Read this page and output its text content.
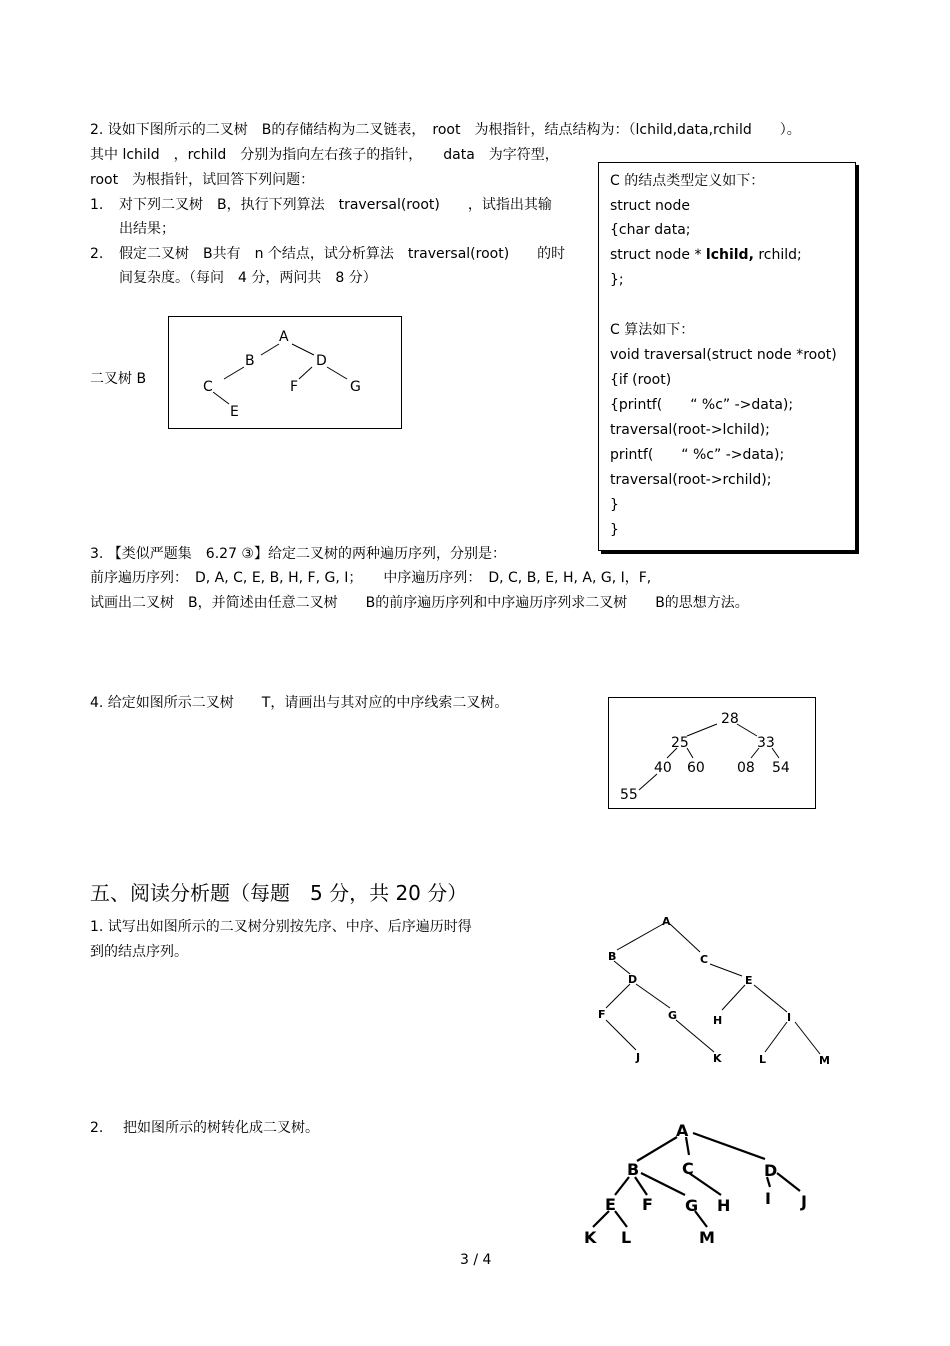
2. 设如下图所示的二叉树　B的存储结构为二叉链表，　root　为根指针，结点结构为：（lchild,data,rchild　　）。
其中 lchild　，rchild　分别为指向左右孩子的指针，　　data　为字符型，
root　为根指针，试回答下列问题：
1. 对下列二叉树　B，执行下列算法　traversal(root)　　，试指出其输
出结果；
2. 假定二叉树　B共有　n 个结点，试分析算法　traversal(root)　　的时
间复杂度。（每问　4 分，两问共　8 分）
二叉树 B
A
B	D
C	F	G
E
C 的结点类型定义如下：
struct node
{char data;
struct node * lchild, rchild;
};
C 算法如下：
void traversal(struct node *root)
{if (root)
{printf(　　“ %c” ->data);
traversal(root->lchild);
printf(　　“ %c” ->data);
traversal(root->rchild);
}
}
3. 【类似严题集　6.27 ③】给定二叉树的两种遍历序列，分别是：
前序遍历序列：　D, A, C, E, B, H, F, G, I；　　中序遍历序列：　D, C, B, E, H, A, G, I，F,
试画出二叉树　B，并简述由任意二叉树　　B的前序遍历序列和中序遍历序列求二叉树　　B的思想方法。
4. 给定如图所示二叉树　　T，请画出与其对应的中序线索二叉树。
28
25	33
40 60 08 54
55
五、阅读分析题（每题　5 分，共 20 分）
1. 试写出如图所示的二叉树分别按先序、中序、后序遍历时得
到的结点序列。
A
B	C
D	E
F	G	H	I
J	K	L	M
2. 把如图所示的树转化成二叉树。	A
B	C	D
E F G H I J
K L	M
3 / 4
